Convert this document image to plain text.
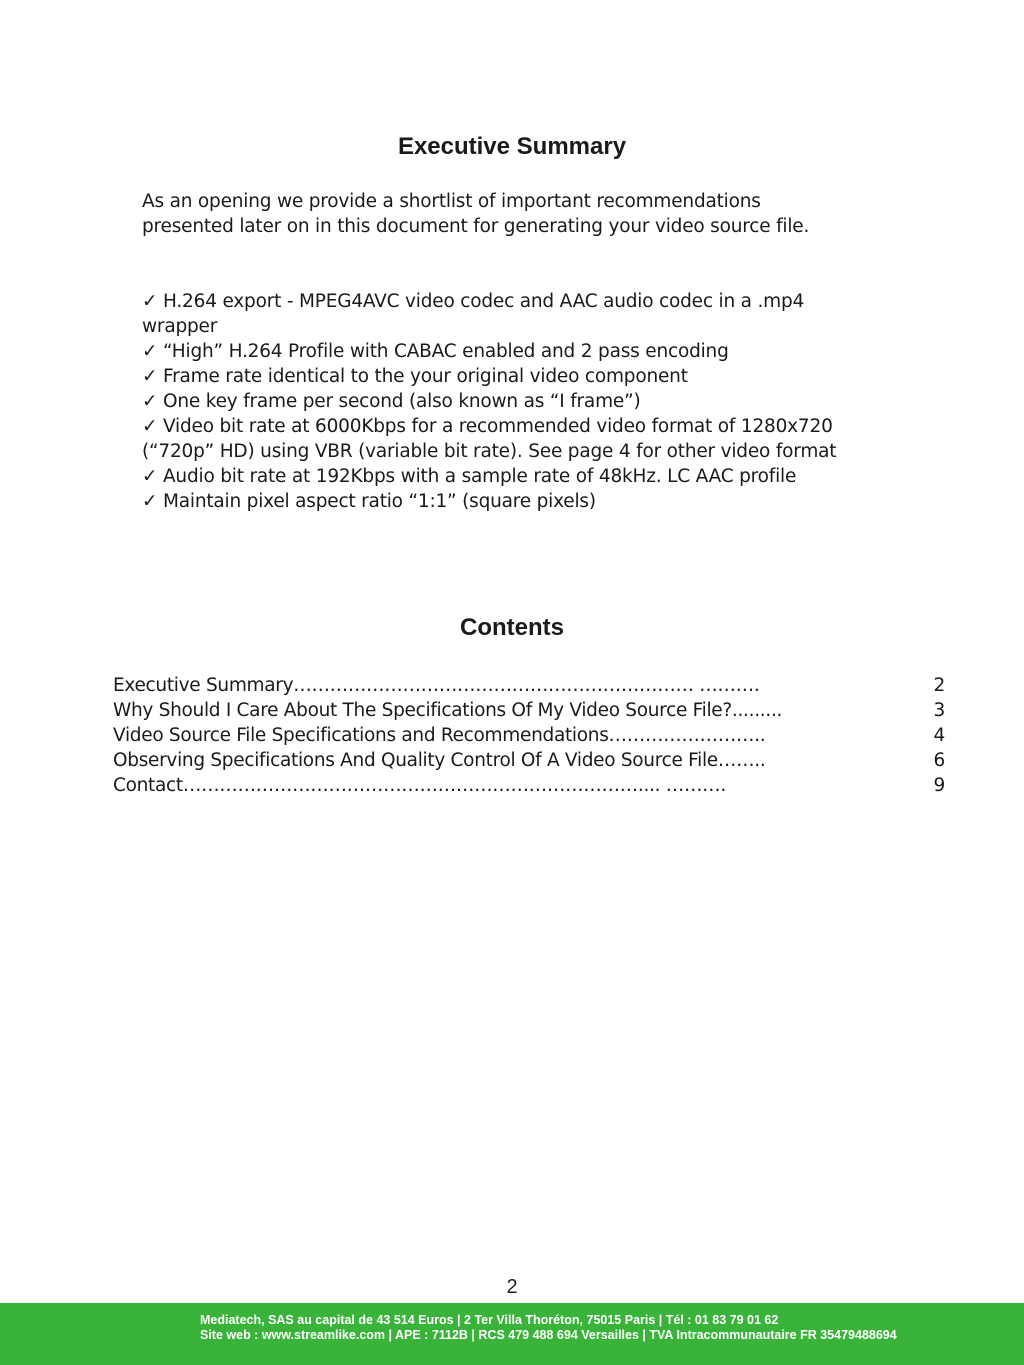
Executive Summary
As an opening we provide a shortlist of important recommendations
presented later on in this document for generating your video source file.
✓ H.264 export - MPEG4AVC video codec and AAC audio codec in a .mp4 wrapper
✓ “High” H.264 Profile with CABAC enabled and 2 pass encoding
✓ Frame rate identical to the your original video component
✓ One key frame per second (also known as “I frame”)
✓ Video bit rate at 6000Kbps for a recommended video format of 1280x720 (“720p” HD) using VBR (variable bit rate). See page 4 for other video format
✓ Audio bit rate at 192Kbps with a sample rate of 48kHz. LC AAC profile
✓ Maintain pixel aspect ratio “1:1” (square pixels)
Contents
Executive Summary………………………………………………………… ……….	2
Why Should I Care About The Specifications Of My Video Source File?.........	3
Video Source File Specifications and Recommendations……………………..	4
Observing Specifications And Quality Control Of A Video Source File……..	6
Contact………………………………………………………………….... ……….	9
2
Mediatech, SAS au capital de 43 514 Euros | 2 Ter Villa Thoréton, 75015 Paris | Tél : 01 83 79 01 62
Site web : www.streamlike.com | APE : 7112B | RCS 479 488 694 Versailles | TVA Intracommunautaire FR 35479488694
